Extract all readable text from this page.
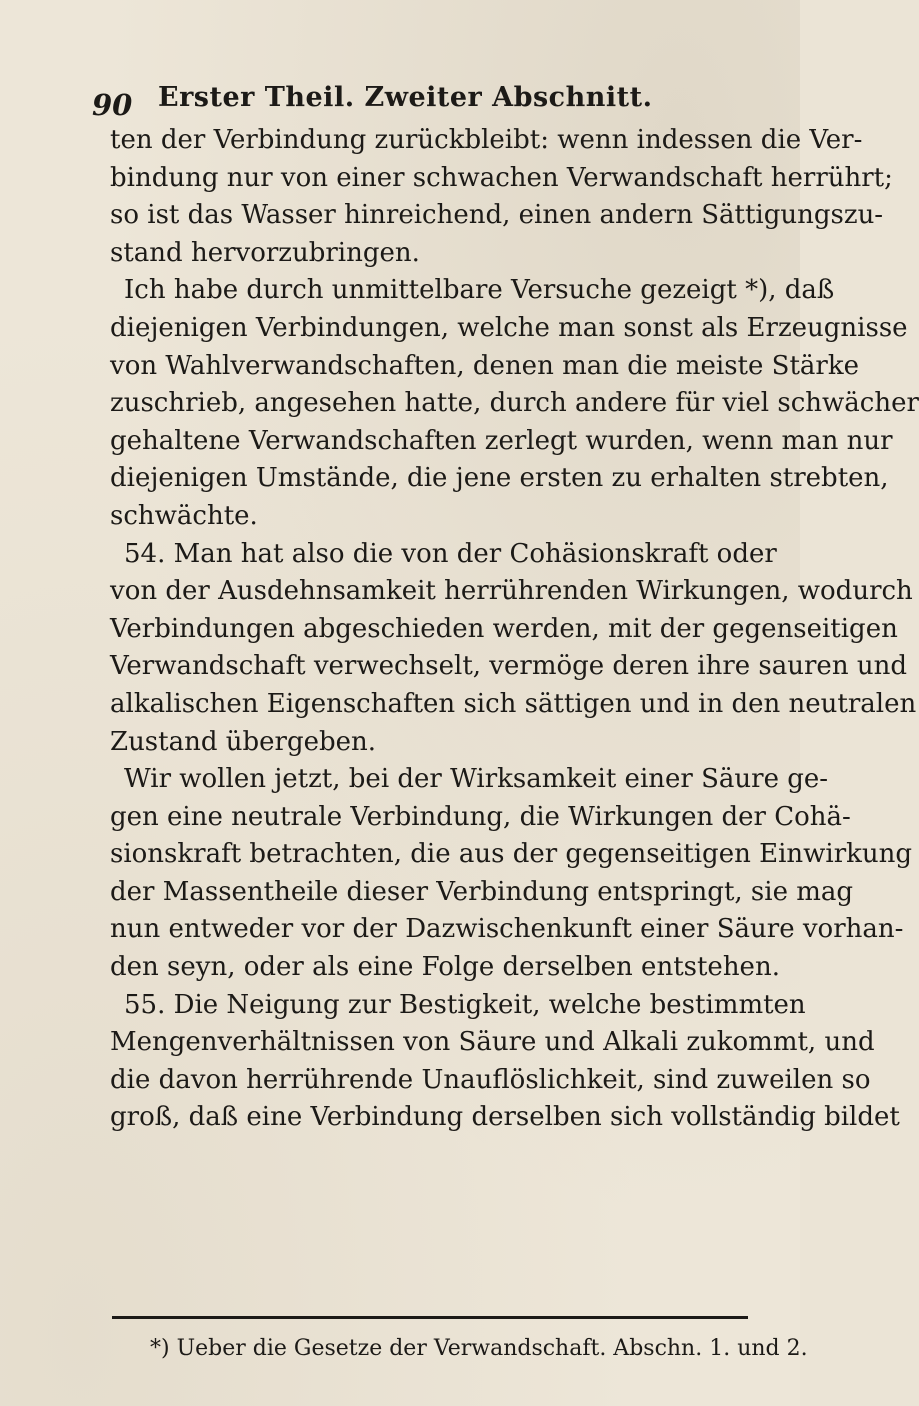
90 Erster Theil. Zweiter Abschnitt.
ten der Verbindung zurückbleibt: wenn indessen die Ver-
bindung nur von einer schwachen Verwandschaft herrührt;
so ist das Wasser hinreichend, einen andern Sättigungszu-
stand hervorzubringen.
Ich habe durch unmittelbare Versuche gezeigt *), daß
diejenigen Verbindungen, welche man sonst als Erzeugnisse
von Wahlverwandschaften, denen man die meiste Stärke
zuschrieb, angesehen hatte, durch andere für viel schwächer
gehaltene Verwandschaften zerlegt wurden, wenn man nur
diejenigen Umstände, die jene ersten zu erhalten strebten,
schwächte.
54. Man hat also die von der Cohäsionskraft oder
von der Ausdehnsamkeit herrührenden Wirkungen, wodurch
Verbindungen abgeschieden werden, mit der gegenseitigen
Verwandschaft verwechselt, vermöge deren ihre sauren und
alkalischen Eigenschaften sich sättigen und in den neutralen
Zustand übergeben.
Wir wollen jetzt, bei der Wirksamkeit einer Säure ge-
gen eine neutrale Verbindung, die Wirkungen der Cohä-
sionskraft betrachten, die aus der gegenseitigen Einwirkung
der Massentheile dieser Verbindung entspringt, sie mag
nun entweder vor der Dazwischenkunft einer Säure vorhan-
den seyn, oder als eine Folge derselben entstehen.
55. Die Neigung zur Bestigkeit, welche bestimmten
Mengenverhältnissen von Säure und Alkali zukommt, und
die davon herrührende Unauflöslichkeit, sind zuweilen so
groß, daß eine Verbindung derselben sich vollständig bildet
*) Ueber die Gesetze der Verwandschaft. Abschn. 1. und 2.
